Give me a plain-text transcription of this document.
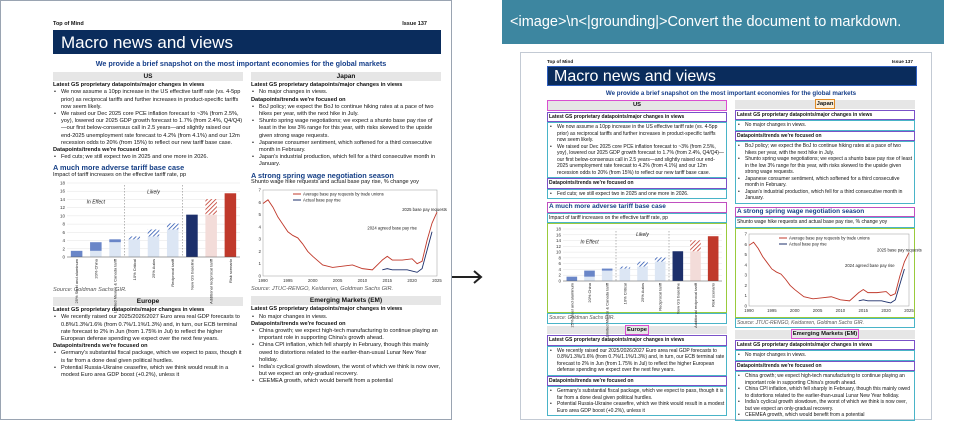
Top of Mind	Issue 137
Macro news and views
We provide a brief snapshot on the most important economies for the global markets
US
Latest GS proprietary datapoints/major changes in views
• We now assume a 10pp increase in the US effective tariff rate (vs. 4-5pp prior) as reciprocal tariffs and further increases in product-specific tariffs now seem likely.
• We raised our Dec 2025 core PCE inflation forecast to ~3% (from 2.5%, yoy), lowered our 2025 GDP growth forecast to 1.7% (from 2.4%, Q4/Q4)—our first below-consensus call in 2.5 years—and slightly raised our end-2025 unemployment rate forecast to 4.2% (from 4.1%) and our 12m recession odds to 20% (from 15%) to reflect our new tariff base case.
Datapoints/trends we're focused on
• Fed cuts; we still expect two in 2025 and one more in 2026.
A much more adverse tariff base case
Impact of tariff increases on the effective tariff rate, pp
0
2
4
6
8
10
12
14
16
18
In Effect
Likely
25% Steel and aluminum	20% China	Limited Mexico & Canada tariff	10% Critical	25% Autos	Reciprocal tariff	New GS baseline	Additional reciprocal tariff	Risk scenario
Source: Goldman Sachs GIR.
Europe
Latest GS proprietary datapoints/major changes in views
• We recently raised our 2025/2026/2027 Euro area real GDP forecasts to 0.8%/1.3%/1.6% (from 0.7%/1.1%/1.3%) and, in turn, our ECB terminal rate forecast to 2% in Jun (from 1.75% in Jul) to reflect the higher European defense spending we expect over the next few years.
Datapoints/trends we're focused on
• Germany's substantial fiscal package, which we expect to pass, though it is far from a done deal given political hurdles.
• Potential Russia-Ukraine ceasefire, which we think would result in a modest Euro area GDP boost (+0.2%), unless it
Japan
Latest GS proprietary datapoints/major changes in views
• No major changes in views.
Datapoints/trends we're focused on
• BoJ policy; we expect the BoJ to continue hiking rates at a pace of two hikes per year, with the next hike in July.
• Shunto spring wage negotiations; we expect a shunto base pay rise of least in the low 3% range for this year, with risks skewed to the upside given strong wage requests.
• Japanese consumer sentiment, which softened for a third consecutive month in February.
• Japan's industrial production, which fell for a third consecutive month in January.
A strong spring wage negotiation season
Shunto wage hike requests and actual base pay rise, % change yoy
0
1
2
3
4
5
6
7
1990	1995	2000	2005	2010	2015	2020	2025
Average base pay requests by trade unions
Actual base pay rise
2025 base pay requests
2024 agreed base pay rise
Source: JTUC-RENGO, Keidanren, Goldman Sachs GIR.
Emerging Markets (EM)
Latest GS proprietary datapoints/major changes in views
• No major changes in views.
Datapoints/trends we're focused on
• China growth; we expect high-tech manufacturing to continue playing an important role in supporting China's growth ahead.
• China CPI inflation, which fell sharply in February, though this mainly owed to distortions related to the earlier-than-usual Lunar New Year holiday.
• India's cyclical growth slowdown, the worst of which we think is now over, but we expect an only-gradual recovery.
• CEEMEA growth, which would benefit from a potential
<image>\n<|grounding|>Convert the document to markdown.
Top of Mind	Issue 137
Macro news and views
We provide a brief snapshot on the most important economies for the global markets
US
Latest GS proprietary datapoints/major changes in views
• We now assume a 10pp increase in the US effective tariff rate (vs. 4-5pp prior) as reciprocal tariffs and further increases in product-specific tariffs now seem likely.
• We raised our Dec 2025 core PCE inflation forecast to ~3% (from 2.5%, yoy), lowered our 2025 GDP growth forecast to 1.7% (from 2.4%, Q4/Q4)—our first below-consensus call in 2.5 years—and slightly raised our end-2025 unemployment rate forecast to 4.2% (from 4.1%) and our 12m recession odds to 20% (from 15%) to reflect our new tariff base case.
Datapoints/trends we're focused on
• Fed cuts; we still expect two in 2025 and one more in 2026.
A much more adverse tariff base case
Impact of tariff increases on the effective tariff rate, pp
0
2
4
6
8
10
12
14
16
18
In Effect
Likely
25% Steel and aluminum	20% China	Limited Mexico & Canada tariff	10% Critical	25% Autos	Reciprocal tariff	New GS baseline	Additional reciprocal tariff	Risk scenario
Source: Goldman Sachs GIR.
Europe
Latest GS proprietary datapoints/major changes in views
• We recently raised our 2025/2026/2027 Euro area real GDP forecasts to 0.8%/1.3%/1.6% (from 0.7%/1.1%/1.3%) and, in turn, our ECB terminal rate forecast to 2% in Jun (from 1.75% in Jul) to reflect the higher European defense spending we expect over the next few years.
Datapoints/trends we're focused on
• Germany's substantial fiscal package, which we expect to pass, though it is far from a done deal given political hurdles.
• Potential Russia-Ukraine ceasefire, which we think would result in a modest Euro area GDP boost (+0.2%), unless it
Japan
Latest GS proprietary datapoints/major changes in views
• No major changes in views.
Datapoints/trends we're focused on
• BoJ policy; we expect the BoJ to continue hiking rates at a pace of two hikes per year, with the next hike in July.
• Shunto spring wage negotiations; we expect a shunto base pay rise of least in the low 3% range for this year, with risks skewed to the upside given strong wage requests.
• Japanese consumer sentiment, which softened for a third consecutive month in February.
• Japan's industrial production, which fell for a third consecutive month in January.
A strong spring wage negotiation season
Shunto wage hike requests and actual base pay rise, % change yoy
0
1
2
3
4
5
6
7
1990	1995	2000	2005	2010	2015	2020	2025
Average base pay requests by trade unions
Actual base pay rise
2025 base pay requests
2024 agreed base pay rise
Source: JTUC-RENGO, Keidanren, Goldman Sachs GIR.
Emerging Markets (EM)
Latest GS proprietary datapoints/major changes in views
• No major changes in views.
Datapoints/trends we're focused on
• China growth; we expect high-tech manufacturing to continue playing an important role in supporting China's growth ahead.
• China CPI inflation, which fell sharply in February, though this mainly owed to distortions related to the earlier-than-usual Lunar New Year holiday.
• India's cyclical growth slowdown, the worst of which we think is now over, but we expect an only-gradual recovery.
• CEEMEA growth, which would benefit from a potential
